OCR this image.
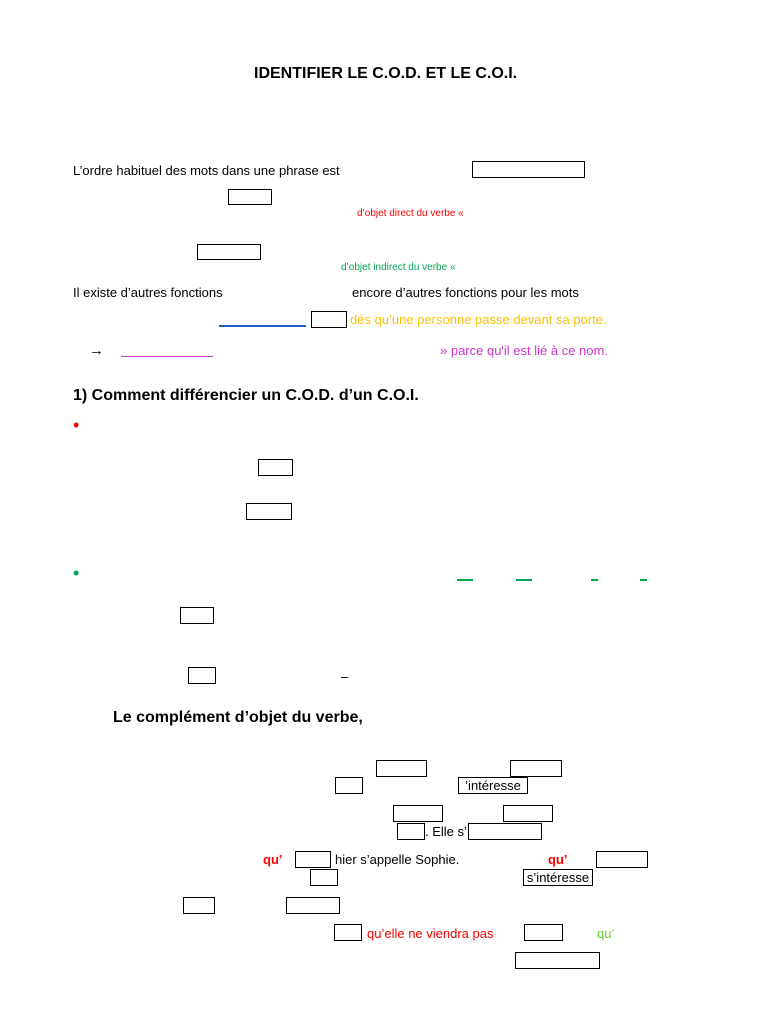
IDENTIFIER LE C.O.D. ET LE C.O.I.
L’ordre habituel des mots dans une phrase est
d’objet direct du verbe «
d’objet indirect du verbe «
Il existe d’autres fonctions	encore d’autres fonctions pour les mots
dès qu’une personne passe devant sa porte.
→	» parce qu'il est lié à ce nom.
1) Comment différencier un C.O.D. d’un C.O.I.
•
•
–
Le complément d’objet du verbe,
’intéresse
. Elle s’
qu’	hier s’appelle Sophie.	qu’
s’intéresse
qu’elle ne viendra pas	qu’
